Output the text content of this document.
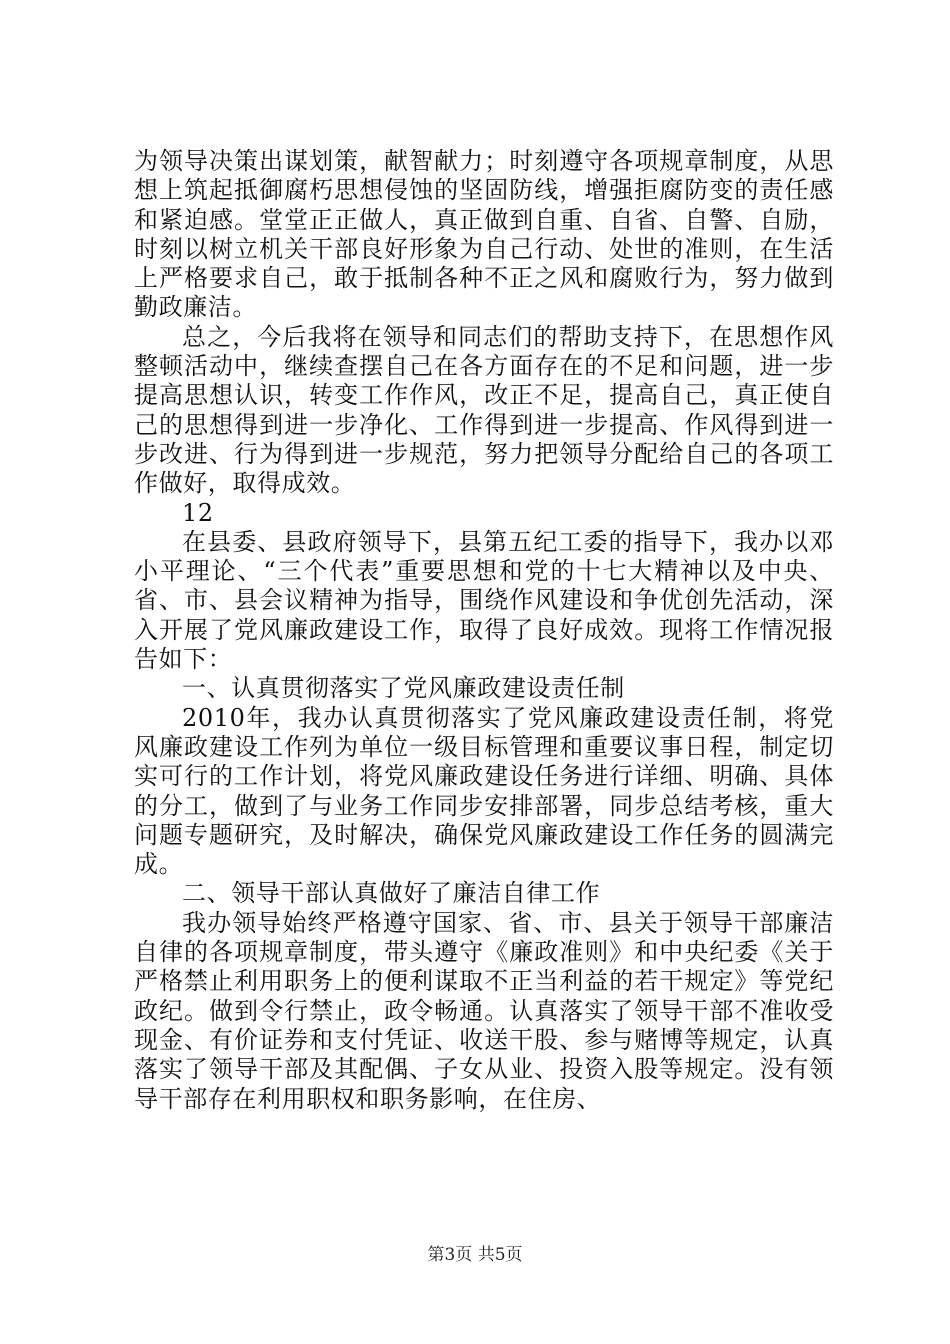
为领导决策出谋划策，献智献力；时刻遵守各项规章制度，从思想上筑起抵御腐朽思想侵蚀的坚固防线，增强拒腐防变的责任感和紧迫感。堂堂正正做人，真正做到自重、自省、自警、自励，时刻以树立机关干部良好形象为自己行动、处世的准则，在生活上严格要求自己，敢于抵制各种不正之风和腐败行为，努力做到勤政廉洁。

总之，今后我将在领导和同志们的帮助支持下，在思想作风整顿活动中，继续查摆自己在各方面存在的不足和问题，进一步提高思想认识，转变工作作风，改正不足，提高自己，真正使自己的思想得到进一步净化、工作得到进一步提高、作风得到进一步改进、行为得到进一步规范，努力把领导分配给自己的各项工作做好，取得成效。

12

在县委、县政府领导下，县第五纪工委的指导下，我办以邓小平理论、“三个代表”重要思想和党的十七大精神以及中央、省、市、县会议精神为指导，围绕作风建设和争优创先活动，深入开展了党风廉政建设工作，取得了良好成效。现将工作情况报告如下：

一、认真贯彻落实了党风廉政建设责任制

2010年，我办认真贯彻落实了党风廉政建设责任制，将党风廉政建设工作列为单位一级目标管理和重要议事日程，制定切实可行的工作计划，将党风廉政建设任务进行详细、明确、具体的分工，做到了与业务工作同步安排部署，同步总结考核，重大问题专题研究，及时解决，确保党风廉政建设工作任务的圆满完成。

二、领导干部认真做好了廉洁自律工作

我办领导始终严格遵守国家、省、市、县关于领导干部廉洁自律的各项规章制度，带头遵守《廉政准则》和中央纪委《关于严格禁止利用职务上的便利谋取不正当利益的若干规定》等党纪政纪。做到令行禁止，政令畅通。认真落实了领导干部不准收受现金、有价证券和支付凭证、收送干股、参与赌博等规定，认真落实了领导干部及其配偶、子女从业、投资入股等规定。没有领导干部存在利用职权和职务影响，在住房、

第3页 共5页
